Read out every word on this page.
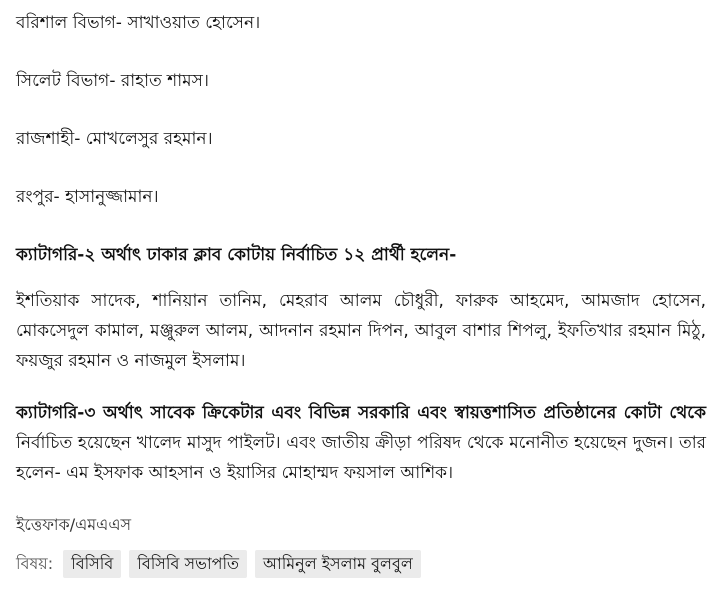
বরিশাল বিভাগ- সাখাওয়াত হোসেন।

সিলেট বিভাগ- রাহাত শামস।

রাজশাহী- মোখলেসুর রহমান।

রংপুর- হাসানুজ্জামান।

ক্যাটাগরি-২ অর্থাৎ ঢাকার ক্লাব কোটায় নির্বাচিত ১২ প্রার্থী হলেন-

ইশতিয়াক সাদেক, শানিয়ান তানিম, মেহরাব আলম চৌধুরী, ফারুক আহমেদ, আমজাদ হোসেন, মোকসেদুল কামাল, মঞ্জুরুল আলম, আদনান রহমান দিপন, আবুল বাশার শিপলু, ইফতিখার রহমান মিঠু, ফয়জুর রহমান ও নাজমুল ইসলাম।

ক্যাটাগরি-৩ অর্থাৎ সাবেক ক্রিকেটার এবং বিভিন্ন সরকারি এবং স্বায়ত্তশাসিত প্রতিষ্ঠানের কোটা থেকে নির্বাচিত হয়েছেন খালেদ মাসুদ পাইলট। এবং জাতীয় ক্রীড়া পরিষদ থেকে মনোনীত হয়েছেন দুজন। তার হলেন- এম ইসফাক আহসান ও ইয়াসির মোহাম্মদ ফয়সাল আশিক।

ইত্তেফাক/এমএএস

বিষয়:	বিসিবি	বিসিবি সভাপতি	আমিনুল ইসলাম বুলবুল
